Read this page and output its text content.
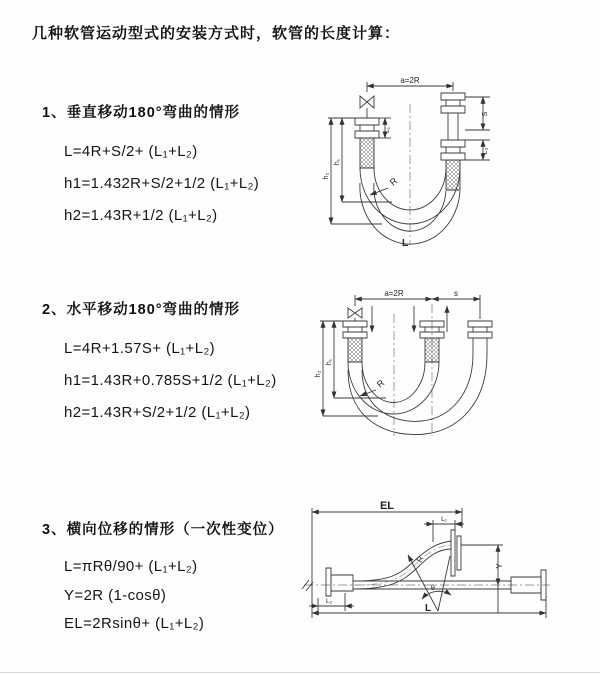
几种软管运动型式的安装方式时，软管的长度计算：
1、垂直移动180°弯曲的情形
L=4R+S/2+ (L₁+L₂)
h1=1.432R+S/2+1/2 (L₁+L₂)
h2=1.43R+1/2 (L₁+L₂)
2、水平移动180°弯曲的情形
L=4R+1.57S+ (L₁+L₂)
h1=1.43R+0.785S+1/2 (L₁+L₂)
h2=1.43R+S/2+1/2 (L₁+L₂)
3、横向位移的情形（一次性变位）
L=πRθ/90+ (L₁+L₂)
Y=2R (1-cosθ)
EL=2Rsinθ+ (L₁+L₂)
a=2R
L₁
S
L₂
h₁
h₂	R
L
a=2R	s
h₁
h₂
R
EL
L₁
R
θ
Y
L
L₂
